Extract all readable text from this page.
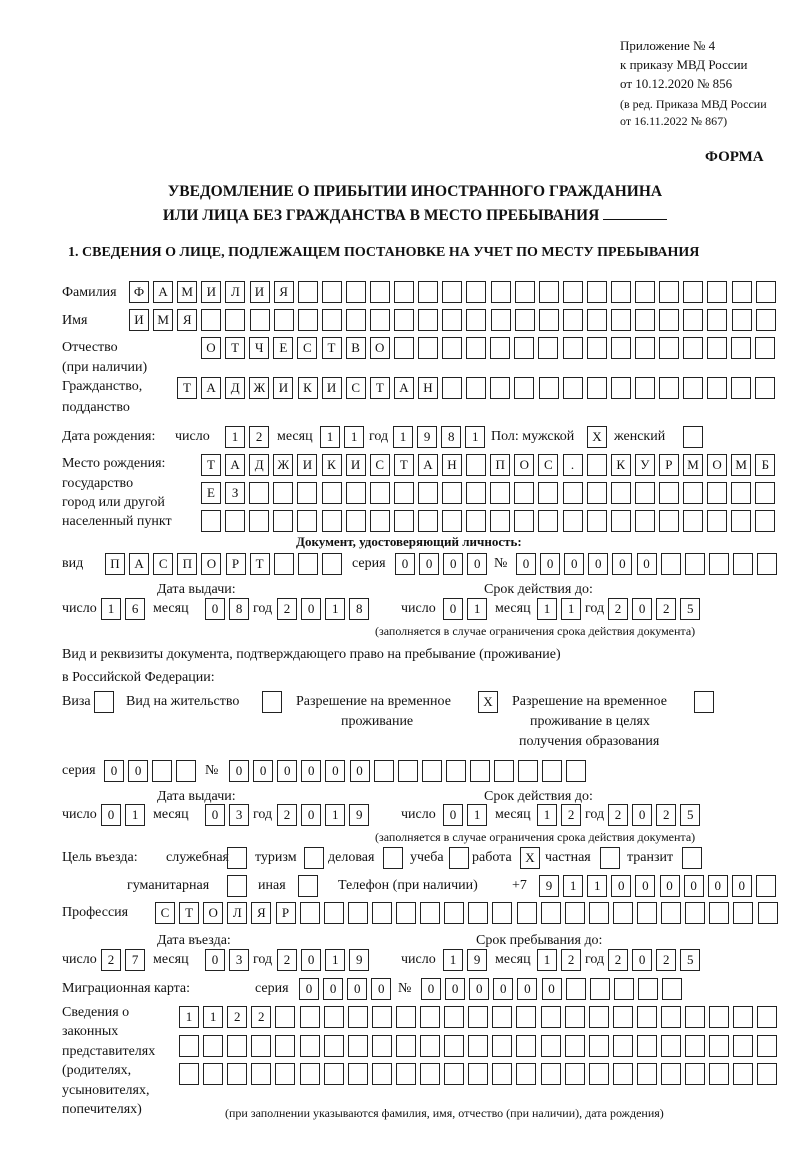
Приложение № 4
к приказу МВД России
от 10.12.2020 № 856
(в ред. Приказа МВД России
от 16.11.2022 № 867)
ФОРМА
УВЕДОМЛЕНИЕ О ПРИБЫТИИ ИНОСТРАННОГО ГРАЖДАНИНА
ИЛИ ЛИЦА БЕЗ ГРАЖДАНСТВА В МЕСТО ПРЕБЫВАНИЯ
1. СВЕДЕНИЯ О ЛИЦЕ, ПОДЛЕЖАЩЕМ ПОСТАНОВКЕ НА УЧЕТ ПО МЕСТУ ПРЕБЫВАНИЯ
Фамилия	Ф	А	М	И	Л	И	Я
Имя	И	М	Я
Отчество
(при наличии)
О	Т	Ч	Е	С	Т	В	О
Гражданство,
подданство
Т	А	Д	Ж	И	К	И	С	Т	А	Н
Дата рождения: число	1	2	месяц	1	1 год 1	9	8	1 Пол: мужской	X женский
Место рождения:
государство
город или другой
населенный пункт
Т	А	Д	Ж	И	К	И	С	Т	А	Н	П	О	С	.	К	У	Р	М	О	М	Б
Е	З
Документ, удостоверяющий личность:
вид	П	А	С	П	О	Р	Т	серия	0	0	0	0 №	0	0	0	0	0	0
Дата выдачи:	Срок действия до:
число 1	6	месяц	0	8 год 2	0	1	8	число	0	1	месяц	1	1 год 2	0	2	5
(заполняется в случае ограничения срока действия документа)
Вид и реквизиты документа, подтверждающего право на пребывание (проживание)
в Российской Федерации:
Виза	Вид на жительство	Разрешение на временное
проживание
X	Разрешение на временное
проживание в целях
получения образования
серия	0	0	№	0	0	0	0	0	0
Дата выдачи:	Срок действия до:
число 0	1	месяц	0	3 год 2	0	1	9	число	0	1	месяц	1	2 год 2	0	2	5
(заполняется в случае ограничения срока действия документа)
Цель въезда: служебная туризм деловая	учеба работа	X частная	транзит
гуманитарная	иная	Телефон (при наличии) +7	9	1	1	0	0	0	0	0	0
Профессия	С	Т	О	Л	Я	Р
Дата въезда:	Срок пребывания до:
число 2	7	месяц	0	3 год 2	0	1	9	число	1	9	месяц	1	2 год 2	0	2	5
Миграционная карта:	серия	0	0	0	0 №	0	0	0	0	0	0
Сведения о
законных
представителях
(родителях,
усыновителях,
попечителях)
1	1	2	2
(при заполнении указываются фамилия, имя, отчество (при наличии), дата рождения)
